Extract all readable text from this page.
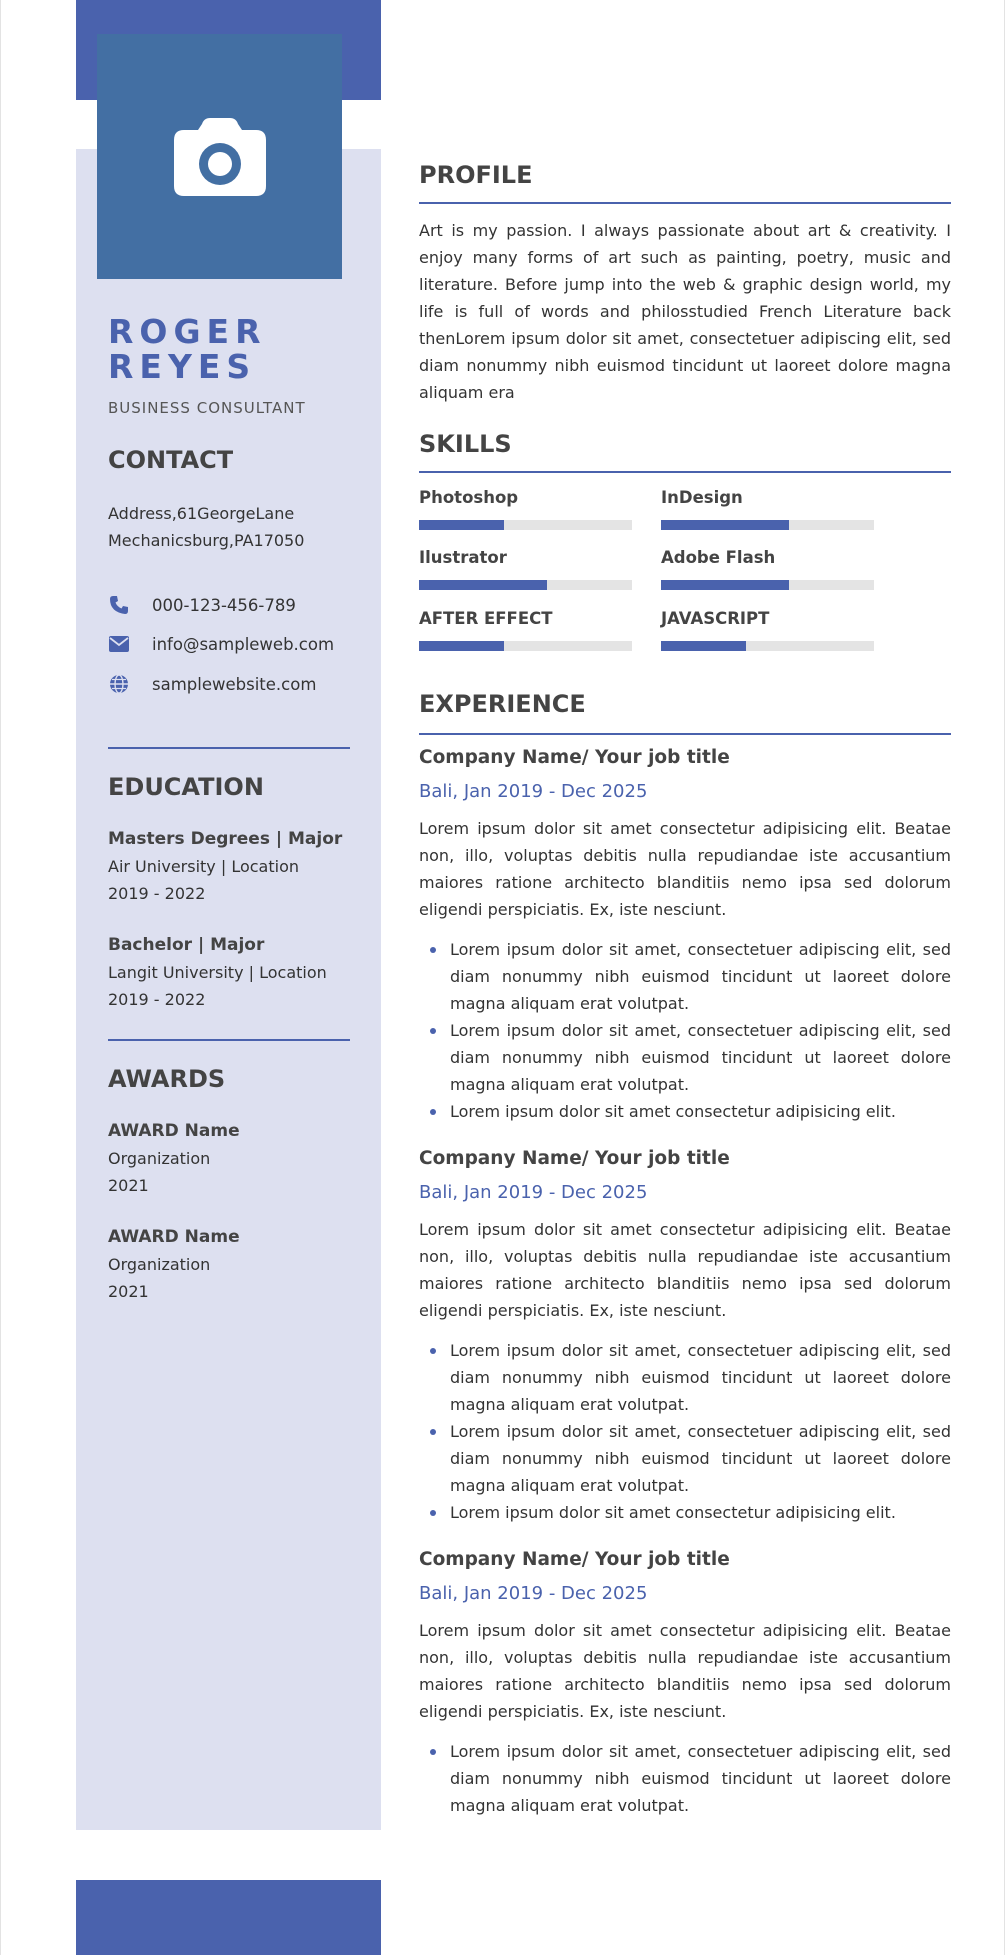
ROGER
REYES
BUSINESS CONSULTANT
CONTACT
Address,61GeorgeLane
Mechanicsburg,PA17050
000-123-456-789
info@sampleweb.com
samplewebsite.com
EDUCATION
Masters Degrees | Major
Air University | Location
2019 - 2022
Bachelor | Major
Langit University | Location
2019 - 2022
AWARDS
AWARD Name
Organization
2021
AWARD Name
Organization
2021
PROFILE
Art is my passion. I always passionate about art & creativity. I enjoy many forms of art such as painting, poetry, music and literature. Before jump into the web & graphic design world, my life is full of words and philosstudied French Literature back thenLorem ipsum dolor sit amet, consectetuer adipiscing elit, sed diam nonummy nibh euismod tincidunt ut laoreet dolore magna aliquam era
SKILLS
Photoshop	InDesign
Ilustrator	Adobe Flash
AFTER EFFECT	JAVASCRIPT
EXPERIENCE
Company Name/ Your job title
Bali, Jan 2019 - Dec 2025
Lorem ipsum dolor sit amet consectetur adipisicing elit. Beatae non, illo, voluptas debitis nulla repudiandae iste accusantium maiores ratione architecto blanditiis nemo ipsa sed dolorum eligendi perspiciatis. Ex, iste nesciunt.
Lorem ipsum dolor sit amet, consectetuer adipiscing elit, sed diam nonummy nibh euismod tincidunt ut laoreet dolore magna aliquam erat volutpat.
Lorem ipsum dolor sit amet, consectetuer adipiscing elit, sed diam nonummy nibh euismod tincidunt ut laoreet dolore magna aliquam erat volutpat.
Lorem ipsum dolor sit amet consectetur adipisicing elit.
Company Name/ Your job title
Bali, Jan 2019 - Dec 2025
Lorem ipsum dolor sit amet consectetur adipisicing elit. Beatae non, illo, voluptas debitis nulla repudiandae iste accusantium maiores ratione architecto blanditiis nemo ipsa sed dolorum eligendi perspiciatis. Ex, iste nesciunt.
Lorem ipsum dolor sit amet, consectetuer adipiscing elit, sed diam nonummy nibh euismod tincidunt ut laoreet dolore magna aliquam erat volutpat.
Lorem ipsum dolor sit amet, consectetuer adipiscing elit, sed diam nonummy nibh euismod tincidunt ut laoreet dolore magna aliquam erat volutpat.
Lorem ipsum dolor sit amet consectetur adipisicing elit.
Company Name/ Your job title
Bali, Jan 2019 - Dec 2025
Lorem ipsum dolor sit amet consectetur adipisicing elit. Beatae non, illo, voluptas debitis nulla repudiandae iste accusantium maiores ratione architecto blanditiis nemo ipsa sed dolorum eligendi perspiciatis. Ex, iste nesciunt.
Lorem ipsum dolor sit amet, consectetuer adipiscing elit, sed diam nonummy nibh euismod tincidunt ut laoreet dolore magna aliquam erat volutpat.
